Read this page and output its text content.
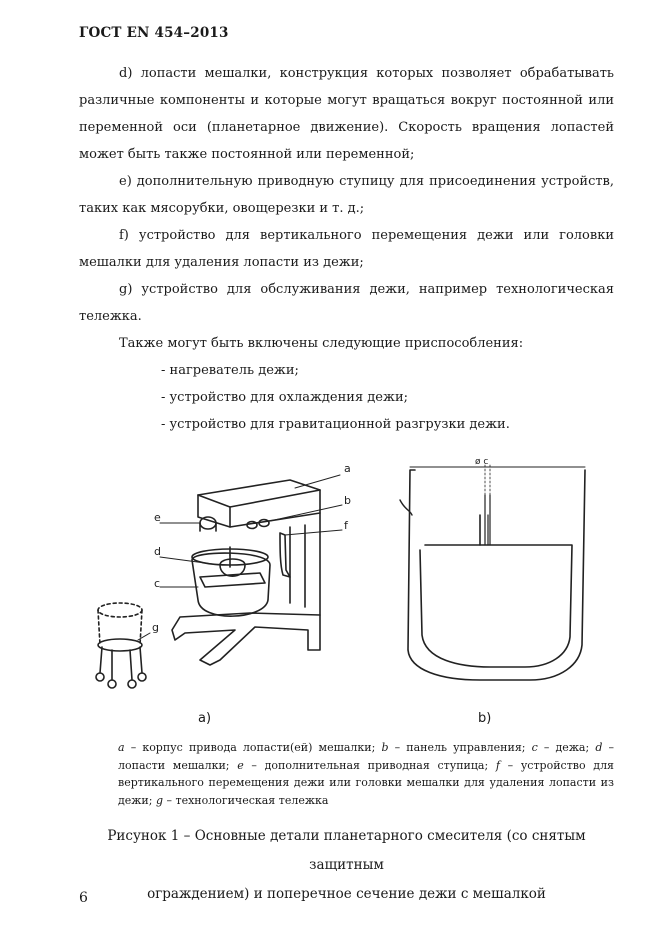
ГОСТ EN 454–2013

d) лопасти мешалки, конструкция которых позволяет обрабатывать различные компоненты и которые могут вращаться вокруг постоянной или переменной оси (планетарное движение). Скорость вращения лопастей может быть также постоянной или переменной;

e) дополнительную приводную ступицу для присоединения устройств, таких как мясорубки, овощерезки и т. д.;

f) устройство для вертикального перемещения дежи или головки мешалки для удаления лопасти из дежи;

g) устройство для обслуживания дежи, например технологическая тележка.

Также могут быть включены следующие приспособления:

- нагреватель дежи;
- устройство для охлаждения дежи;
- устройство для гравитационной разгрузки дежи.
a
b
f
e
d
c
g
ø c
a)	b)
a – корпус привода лопасти(ей) мешалки; b – панель управления; c – дежа; d – лопасти мешалки; e – дополнительная приводная ступица; f – устройство для вертикального перемещения дежи или головки мешалки для удаления лопасти из дежи; g – технологическая тележка
Рисунок 1 – Основные детали планетарного смесителя (со снятым защитным
ограждением) и поперечное сечение дежи с мешалкой
6
